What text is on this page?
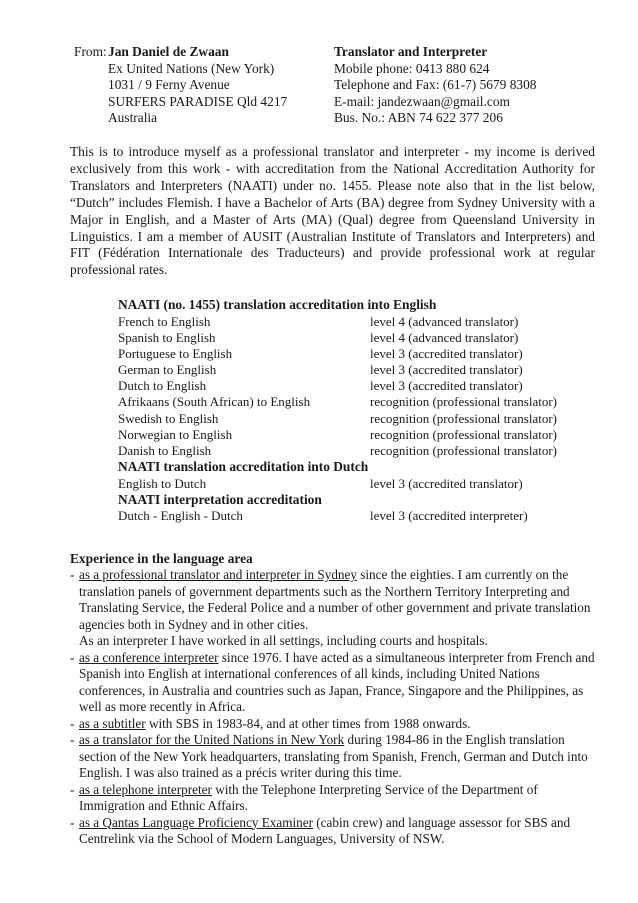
From:Jan Daniel de Zwaan
Ex United Nations (New York)
1031 / 9 Ferny Avenue
SURFERS PARADISE Qld 4217
Australia
Translator and Interpreter
Mobile phone: 0413 880 624
Telephone and Fax: (61-7) 5679 8308
E-mail: jandezwaan@gmail.com
Bus. No.: ABN 74 622 377 206
This is to introduce myself as a professional translator and interpreter - my income is derived exclusively from this work - with accreditation from the National Accreditation Authority for Translators and Interpreters (NAATI) under no. 1455. Please note also that in the list below, “Dutch” includes Flemish. I have a Bachelor of Arts (BA) degree from Sydney University with a Major in English, and a Master of Arts (MA) (Qual) degree from Queensland University in Linguistics. I am a member of AUSIT (Australian Institute of Translators and Interpreters) and FIT (Fédération Internationale des Traducteurs) and provide professional work at regular professional rates.
NAATI (no. 1455) translation accreditation into English
French to English	level 4 (advanced translator)
Spanish to English	level 4 (advanced translator)
Portuguese to English	level 3 (accredited translator)
German to English	level 3 (accredited translator)
Dutch to English	level 3 (accredited translator)
Afrikaans (South African) to English	recognition (professional translator)
Swedish to English	recognition (professional translator)
Norwegian to English	recognition (professional translator)
Danish to English	recognition (professional translator)
NAATI translation accreditation into Dutch
English to Dutch	level 3 (accredited translator)
NAATI interpretation accreditation
Dutch - English - Dutch	level 3 (accredited interpreter)
Experience in the language area
- as a professional translator and interpreter in Sydney since the eighties. I am currently on the translation panels of government departments such as the Northern Territory Interpreting and Translating Service, the Federal Police and a number of other government and private translation agencies both in Sydney and in other cities.
As an interpreter I have worked in all settings, including courts and hospitals.
- as a conference interpreter since 1976. I have acted as a simultaneous interpreter from French and Spanish into English at international conferences of all kinds, including United Nations conferences, in Australia and countries such as Japan, France, Singapore and the Philippines, as well as more recently in Africa.
- as a subtitler with SBS in 1983-84, and at other times from 1988 onwards.
- as a translator for the United Nations in New York during 1984-86 in the English translation section of the New York headquarters, translating from Spanish, French, German and Dutch into English. I was also trained as a précis writer during this time.
- as a telephone interpreter with the Telephone Interpreting Service of the Department of Immigration and Ethnic Affairs.
- as a Qantas Language Proficiency Examiner (cabin crew) and language assessor for SBS and Centrelink via the School of Modern Languages, University of NSW.
